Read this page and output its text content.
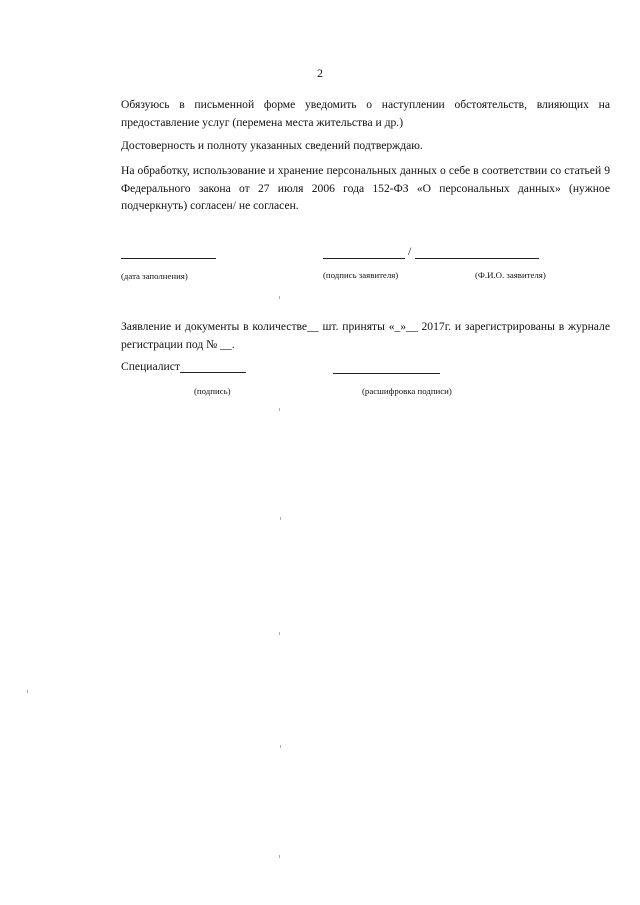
2
Обязуюсь в письменной форме уведомить о наступлении обстоятельств, влияющих на предоставление услуг (перемена места жительства и др.)
Достоверность и полноту указанных сведений подтверждаю.
На обработку, использование и хранение персональных данных о себе в соответствии со статьей 9 Федерального закона от 27 июля 2006 года 152-ФЗ «О персональных данных» (нужное подчеркнуть) согласен/ не согласен.
/
(дата заполнения)	(подпись заявителя)	(Ф.И.О. заявителя)
Заявление и документы в количестве__ шт. приняты «_»__ 2017г. и зарегистрированы в журнале регистрации под № __.
Специалист
(подпись)	(расшифровка подписи)
